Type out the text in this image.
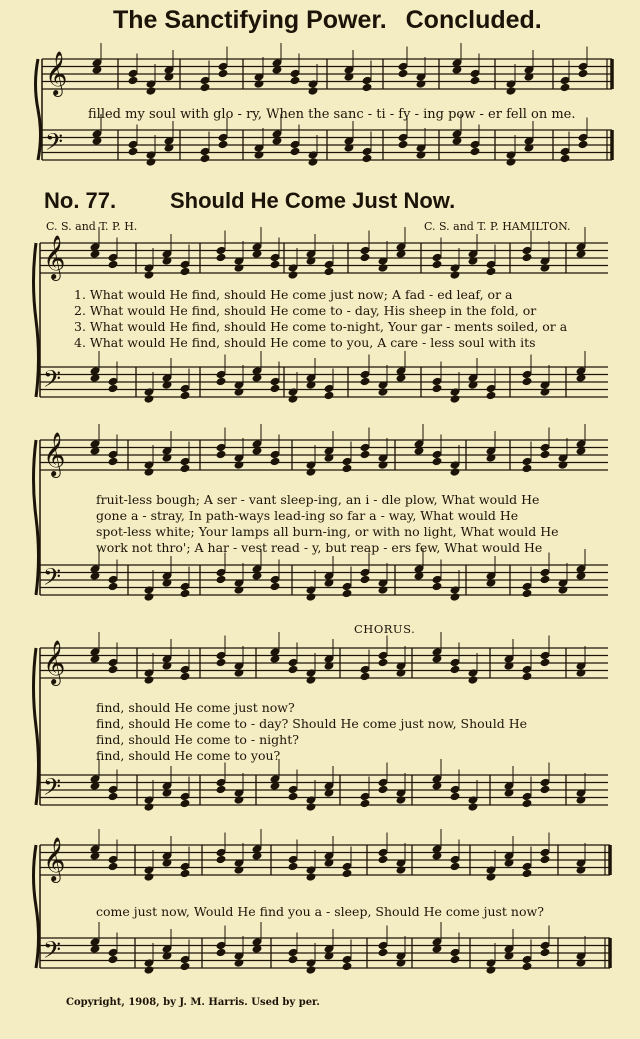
The Sanctifying Power. Concluded.
𝄞
𝄢
𝄞
𝄢
𝄞
𝄢
𝄞
𝄢
𝄞
𝄢
filled my soul with glo - ry, When the sanc - ti - fy - ing pow - er fell on me.
No. 77. Should He Come Just Now.
C. S. and T. P. H.	C. S. and T. P. HAMILTON.
1. What would He find, should He come just now; A fad - ed leaf, or a
2. What would He find, should He come to - day, His sheep in the fold, or
3. What would He find, should He come to-night, Your gar - ments soiled, or a
4. What would He find, should He come to you, A care - less soul with its
fruit-less bough; A ser - vant sleep-ing, an i - dle plow, What would He
gone a - stray, In path-ways lead-ing so far a - way, What would He
spot-less white; Your lamps all burn-ing, or with no light, What would He
work not thro'; A har - vest read - y, but reap - ers few, What would He
CHORUS.
find, should He come just now?
find, should He come to - day? Should He come just now, Should He
find, should He come to - night?
find, should He come to you?
come just now, Would He find you a - sleep, Should He come just now?
Copyright, 1908, by J. M. Harris. Used by per.
